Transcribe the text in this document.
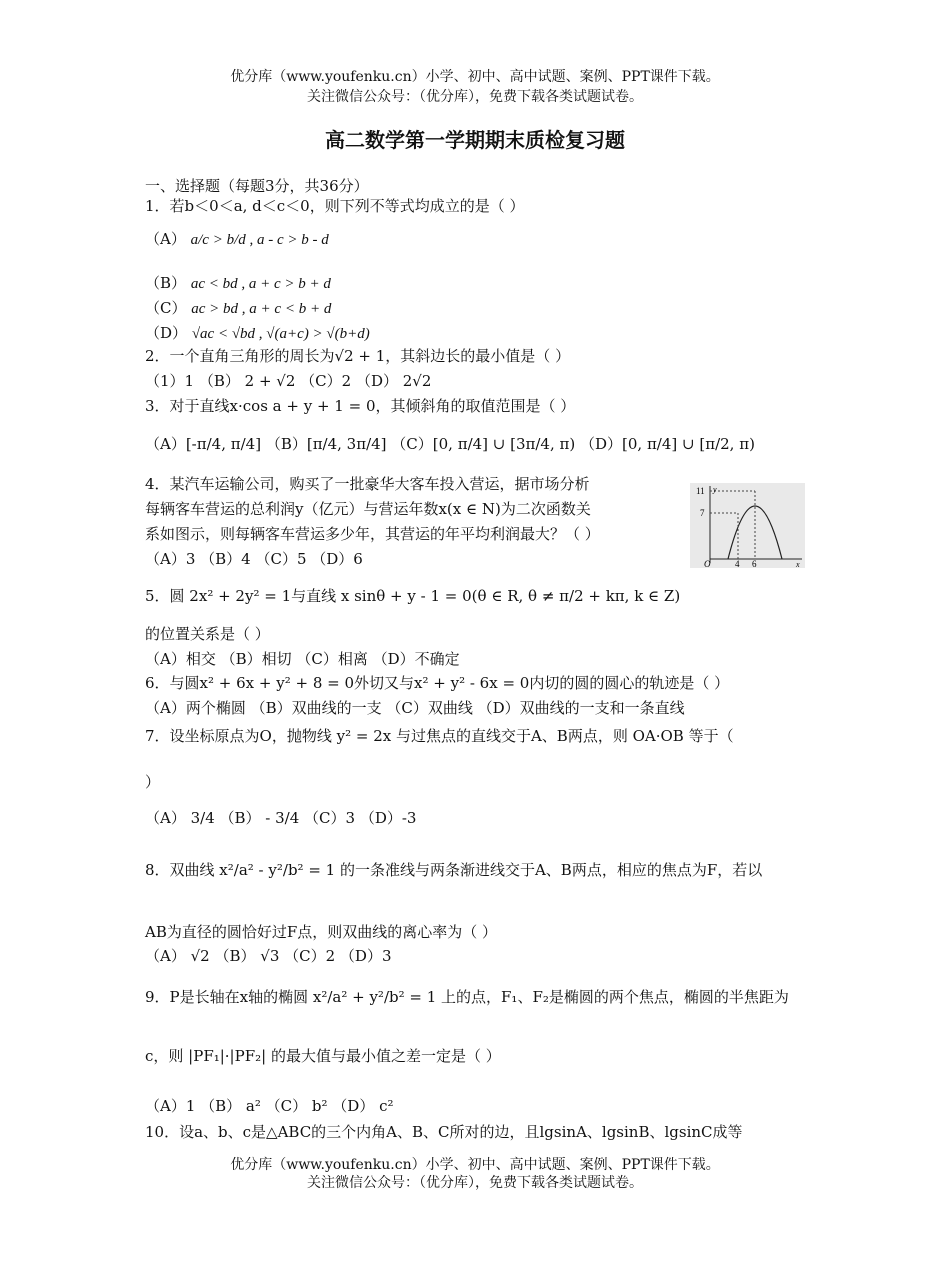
优分库（www.youfenku.cn）小学、初中、高中试题、案例、PPT课件下载。
关注微信公众号：（优分库），免费下载各类试题试卷。
高二数学第一学期期末质检复习题
一、选择题（每题3分，共36分）
1．若b＜0＜a, d＜c＜0，则下列不等式均成立的是（ ）
（A） a/c > b/d , a - c > b - d
（B） ac < bd , a + c > b + d
（C） ac > bd , a + c < b + d
（D） √ac < √bd , √(a+c) > √(b+d)
2．一个直角三角形的周长为√2 + 1，其斜边长的最小值是（ ）
（1）1 （B） 2 + √2 （C）2 （D） 2√2
3．对于直线x·cos a + y + 1 = 0，其倾斜角的取值范围是（ ）
（A）[-π/4, π/4] （B）[π/4, 3π/4] （C）[0, π/4] ∪ [3π/4, π) （D）[0, π/4] ∪ [π/2, π)
4．某汽车运输公司，购买了一批豪华大客车投入营运，据市场分析
每辆客车营运的总利润y（亿元）与营运年数x(x ∈ N)为二次函数关
系如图示，则每辆客车营运多少年，其营运的年平均利润最大？（ ）
（A）3 （B）4 （C）5 （D）6
11
7
O	4 6	x
y
5．圆 2x² + 2y² = 1与直线 x sinθ + y - 1 = 0(θ ∈ R, θ ≠ π/2 + kπ, k ∈ Z)
的位置关系是（ ）
（A）相交 （B）相切 （C）相离 （D）不确定
6．与圆x² + 6x + y² + 8 = 0外切又与x² + y² - 6x = 0内切的圆的圆心的轨迹是（ ）
（A）两个椭圆 （B）双曲线的一支 （C）双曲线 （D）双曲线的一支和一条直线
7．设坐标原点为O，抛物线 y² = 2x 与过焦点的直线交于A、B两点，则 OA·OB 等于（
）
（A） 3/4 （B） - 3/4 （C）3 （D）-3
8．双曲线 x²/a² - y²/b² = 1 的一条准线与两条渐进线交于A、B两点，相应的焦点为F，若以
AB为直径的圆恰好过F点，则双曲线的离心率为（ ）
（A） √2 （B） √3 （C）2 （D）3
9．P是长轴在x轴的椭圆 x²/a² + y²/b² = 1 上的点，F₁、F₂是椭圆的两个焦点，椭圆的半焦距为
c，则 |PF₁|·|PF₂| 的最大值与最小值之差一定是（ ）
（A）1 （B） a² （C） b² （D） c²
10．设a、b、c是△ABC的三个内角A、B、C所对的边，且lgsinA、lgsinB、lgsinC成等
优分库（www.youfenku.cn）小学、初中、高中试题、案例、PPT课件下载。
关注微信公众号：（优分库），免费下载各类试题试卷。
